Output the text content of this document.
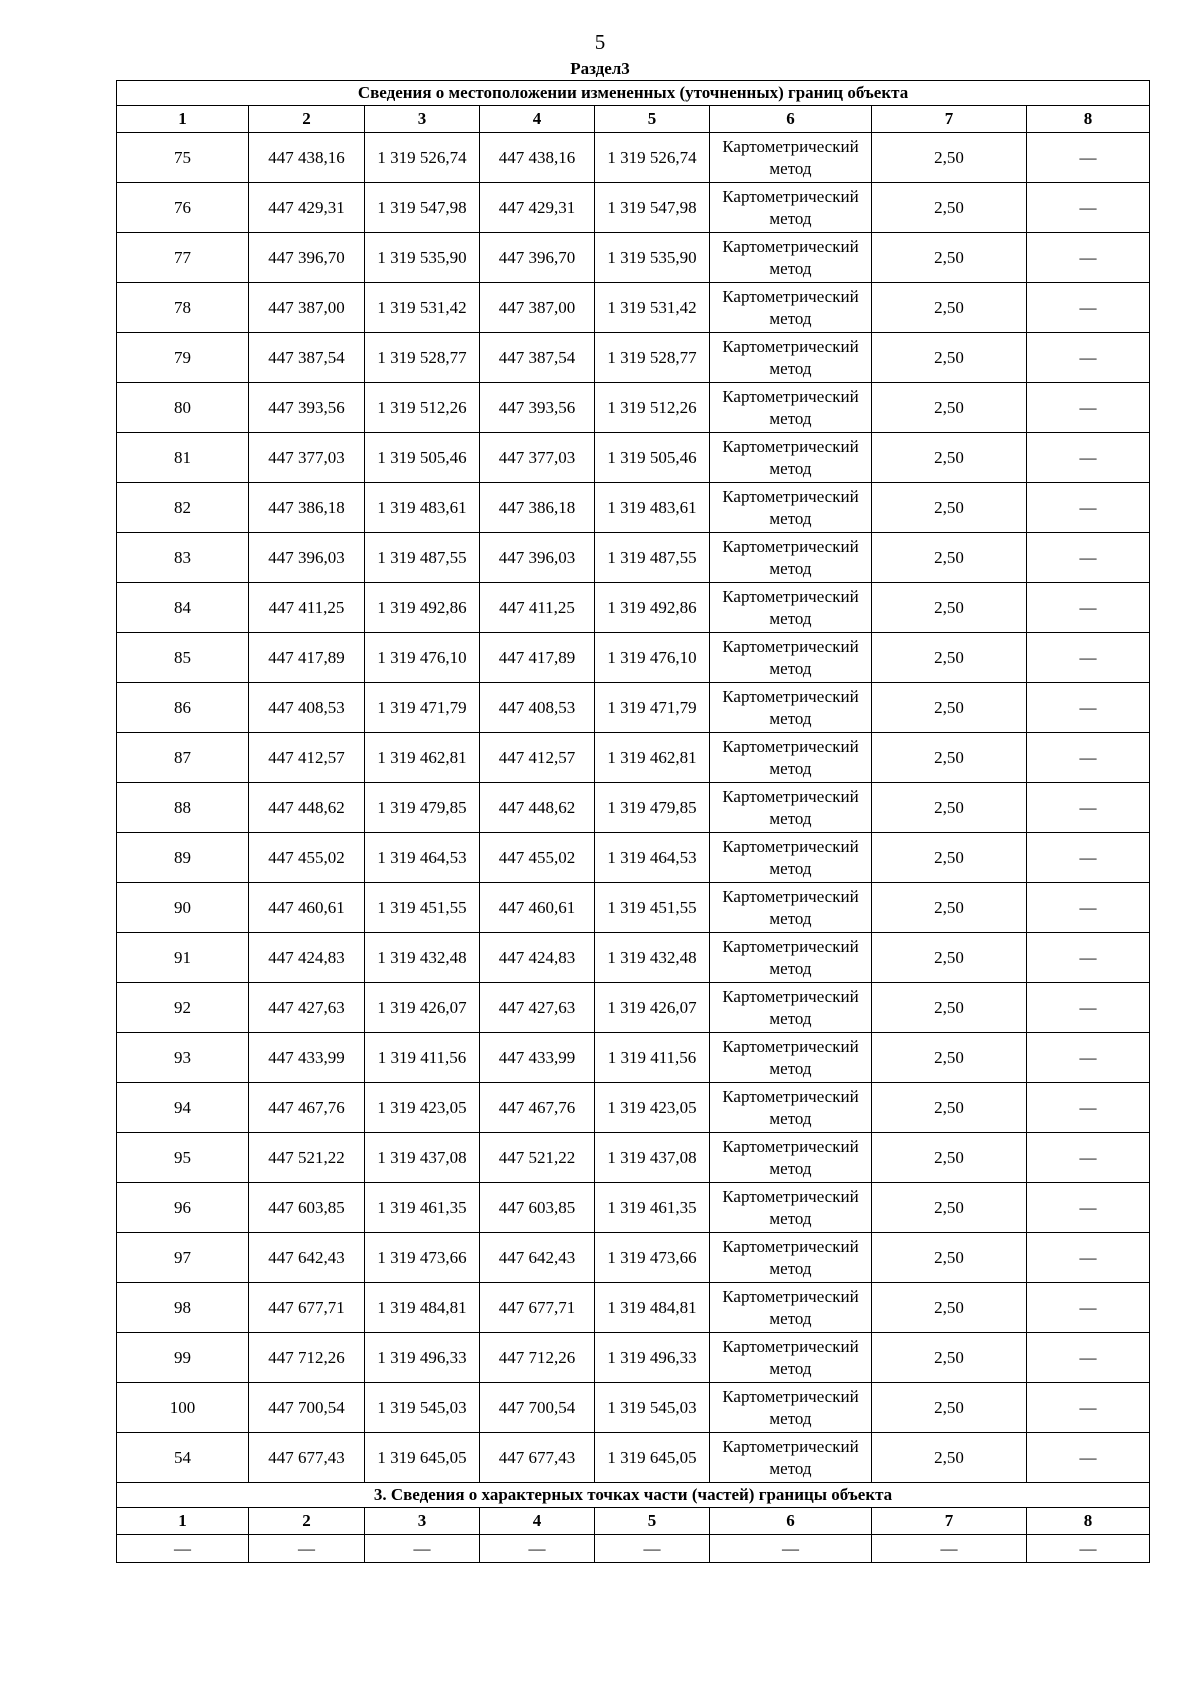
5
Раздел3
Сведения о местоположении измененных (уточненных) границ объекта							
1	2	3	4	5	6	7	8
75	447 438,16	1 319 526,74	447 438,16	1 319 526,74	Картометрический метод	2,50	—
76	447 429,31	1 319 547,98	447 429,31	1 319 547,98	Картометрический метод	2,50	—
77	447 396,70	1 319 535,90	447 396,70	1 319 535,90	Картометрический метод	2,50	—
78	447 387,00	1 319 531,42	447 387,00	1 319 531,42	Картометрический метод	2,50	—
79	447 387,54	1 319 528,77	447 387,54	1 319 528,77	Картометрический метод	2,50	—
80	447 393,56	1 319 512,26	447 393,56	1 319 512,26	Картометрический метод	2,50	—
81	447 377,03	1 319 505,46	447 377,03	1 319 505,46	Картометрический метод	2,50	—
82	447 386,18	1 319 483,61	447 386,18	1 319 483,61	Картометрический метод	2,50	—
83	447 396,03	1 319 487,55	447 396,03	1 319 487,55	Картометрический метод	2,50	—
84	447 411,25	1 319 492,86	447 411,25	1 319 492,86	Картометрический метод	2,50	—
85	447 417,89	1 319 476,10	447 417,89	1 319 476,10	Картометрический метод	2,50	—
86	447 408,53	1 319 471,79	447 408,53	1 319 471,79	Картометрический метод	2,50	—
87	447 412,57	1 319 462,81	447 412,57	1 319 462,81	Картометрический метод	2,50	—
88	447 448,62	1 319 479,85	447 448,62	1 319 479,85	Картометрический метод	2,50	—
89	447 455,02	1 319 464,53	447 455,02	1 319 464,53	Картометрический метод	2,50	—
90	447 460,61	1 319 451,55	447 460,61	1 319 451,55	Картометрический метод	2,50	—
91	447 424,83	1 319 432,48	447 424,83	1 319 432,48	Картометрический метод	2,50	—
92	447 427,63	1 319 426,07	447 427,63	1 319 426,07	Картометрический метод	2,50	—
93	447 433,99	1 319 411,56	447 433,99	1 319 411,56	Картометрический метод	2,50	—
94	447 467,76	1 319 423,05	447 467,76	1 319 423,05	Картометрический метод	2,50	—
95	447 521,22	1 319 437,08	447 521,22	1 319 437,08	Картометрический метод	2,50	—
96	447 603,85	1 319 461,35	447 603,85	1 319 461,35	Картометрический метод	2,50	—
97	447 642,43	1 319 473,66	447 642,43	1 319 473,66	Картометрический метод	2,50	—
98	447 677,71	1 319 484,81	447 677,71	1 319 484,81	Картометрический метод	2,50	—
99	447 712,26	1 319 496,33	447 712,26	1 319 496,33	Картометрический метод	2,50	—
100	447 700,54	1 319 545,03	447 700,54	1 319 545,03	Картометрический метод	2,50	—
54	447 677,43	1 319 645,05	447 677,43	1 319 645,05	Картометрический метод	2,50	—
3. Сведения о характерных точках части (частей) границы объекта							
1	2	3	4	5	6	7	8
—	—	—	—	—	—	—	—
